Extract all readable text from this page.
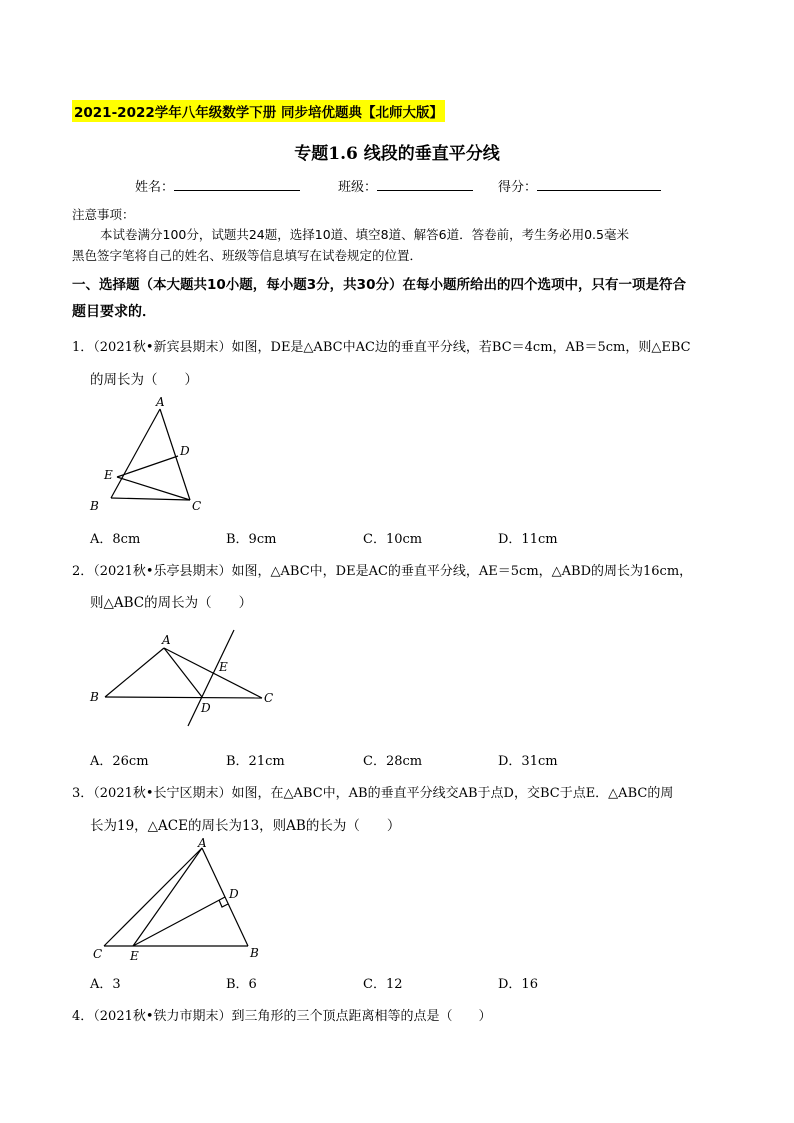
2021-2022学年八年级数学下册 同步培优题典【北师大版】
专题1.6 线段的垂直平分线
姓名：	班级：	得分：
注意事项：
本试卷满分100分，试题共24题，选择10道、填空8道、解答6道．答卷前，考生务必用0.5毫米
黑色签字笔将自己的姓名、班级等信息填写在试卷规定的位置．
一、选择题（本大题共10小题，每小题3分，共30分）在每小题所给出的四个选项中，只有一项是符合
题目要求的．
1．（2021秋•新宾县期末）如图，DE是△ABC中AC边的垂直平分线，若BC＝4cm，AB＝5cm，则△EBC
的周长为（　　）
A
D
E
B	C
A．8cm	B．9cm	C．10cm	D．11cm
2．（2021秋•乐亭县期末）如图，△ABC中，DE是AC的垂直平分线，AE＝5cm，△ABD的周长为16cm，
则△ABC的周长为（　　）
A
E
B
D
C
A．26cm	B．21cm	C．28cm	D．31cm
3．（2021秋•长宁区期末）如图，在△ABC中，AB的垂直平分线交AB于点D，交BC于点E．△ABC的周
长为19，△ACE的周长为13，则AB的长为（　　）
A
D
C E	B
A．3	B．6	C．12	D．16
4．（2021秋•铁力市期末）到三角形的三个顶点距离相等的点是（　　）
